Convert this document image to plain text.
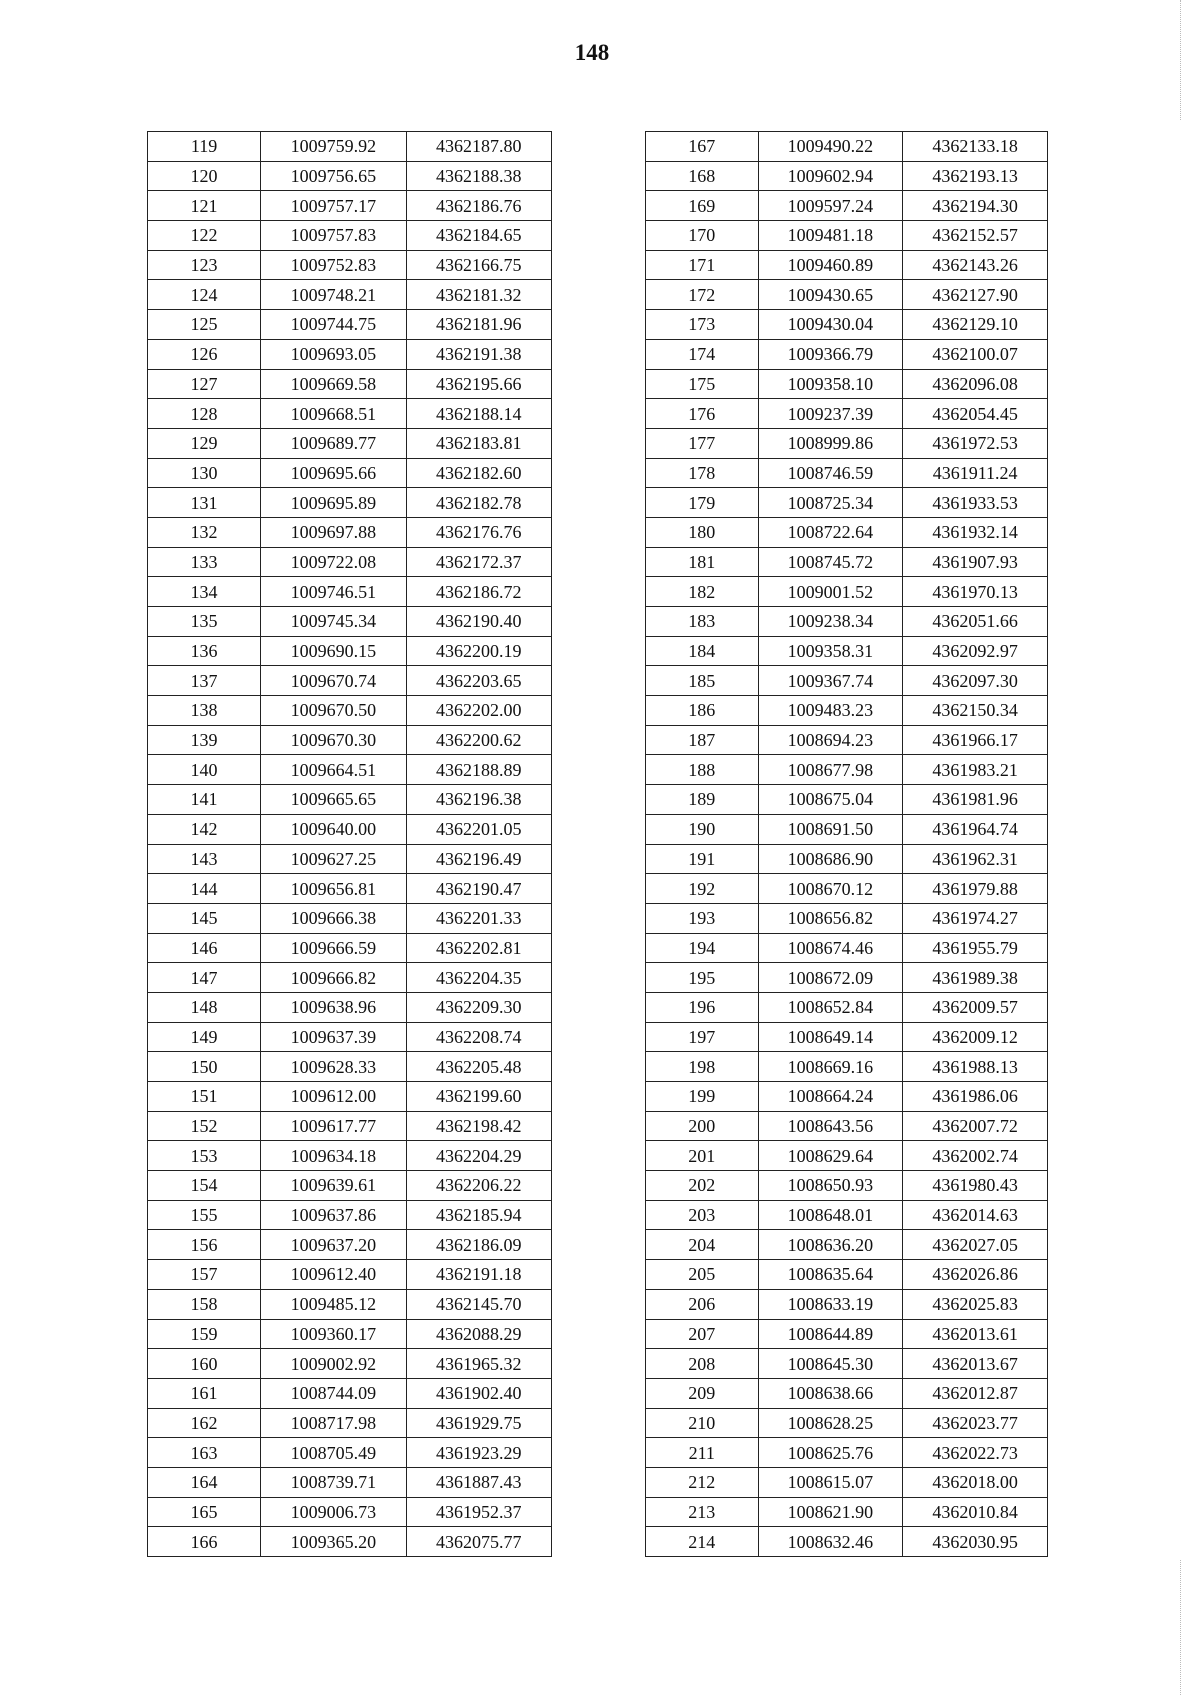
148
119	1009759.92	4362187.80
120	1009756.65	4362188.38
121	1009757.17	4362186.76
122	1009757.83	4362184.65
123	1009752.83	4362166.75
124	1009748.21	4362181.32
125	1009744.75	4362181.96
126	1009693.05	4362191.38
127	1009669.58	4362195.66
128	1009668.51	4362188.14
129	1009689.77	4362183.81
130	1009695.66	4362182.60
131	1009695.89	4362182.78
132	1009697.88	4362176.76
133	1009722.08	4362172.37
134	1009746.51	4362186.72
135	1009745.34	4362190.40
136	1009690.15	4362200.19
137	1009670.74	4362203.65
138	1009670.50	4362202.00
139	1009670.30	4362200.62
140	1009664.51	4362188.89
141	1009665.65	4362196.38
142	1009640.00	4362201.05
143	1009627.25	4362196.49
144	1009656.81	4362190.47
145	1009666.38	4362201.33
146	1009666.59	4362202.81
147	1009666.82	4362204.35
148	1009638.96	4362209.30
149	1009637.39	4362208.74
150	1009628.33	4362205.48
151	1009612.00	4362199.60
152	1009617.77	4362198.42
153	1009634.18	4362204.29
154	1009639.61	4362206.22
155	1009637.86	4362185.94
156	1009637.20	4362186.09
157	1009612.40	4362191.18
158	1009485.12	4362145.70
159	1009360.17	4362088.29
160	1009002.92	4361965.32
161	1008744.09	4361902.40
162	1008717.98	4361929.75
163	1008705.49	4361923.29
164	1008739.71	4361887.43
165	1009006.73	4361952.37
166	1009365.20	4362075.77
167	1009490.22	4362133.18
168	1009602.94	4362193.13
169	1009597.24	4362194.30
170	1009481.18	4362152.57
171	1009460.89	4362143.26
172	1009430.65	4362127.90
173	1009430.04	4362129.10
174	1009366.79	4362100.07
175	1009358.10	4362096.08
176	1009237.39	4362054.45
177	1008999.86	4361972.53
178	1008746.59	4361911.24
179	1008725.34	4361933.53
180	1008722.64	4361932.14
181	1008745.72	4361907.93
182	1009001.52	4361970.13
183	1009238.34	4362051.66
184	1009358.31	4362092.97
185	1009367.74	4362097.30
186	1009483.23	4362150.34
187	1008694.23	4361966.17
188	1008677.98	4361983.21
189	1008675.04	4361981.96
190	1008691.50	4361964.74
191	1008686.90	4361962.31
192	1008670.12	4361979.88
193	1008656.82	4361974.27
194	1008674.46	4361955.79
195	1008672.09	4361989.38
196	1008652.84	4362009.57
197	1008649.14	4362009.12
198	1008669.16	4361988.13
199	1008664.24	4361986.06
200	1008643.56	4362007.72
201	1008629.64	4362002.74
202	1008650.93	4361980.43
203	1008648.01	4362014.63
204	1008636.20	4362027.05
205	1008635.64	4362026.86
206	1008633.19	4362025.83
207	1008644.89	4362013.61
208	1008645.30	4362013.67
209	1008638.66	4362012.87
210	1008628.25	4362023.77
211	1008625.76	4362022.73
212	1008615.07	4362018.00
213	1008621.90	4362010.84
214	1008632.46	4362030.95
